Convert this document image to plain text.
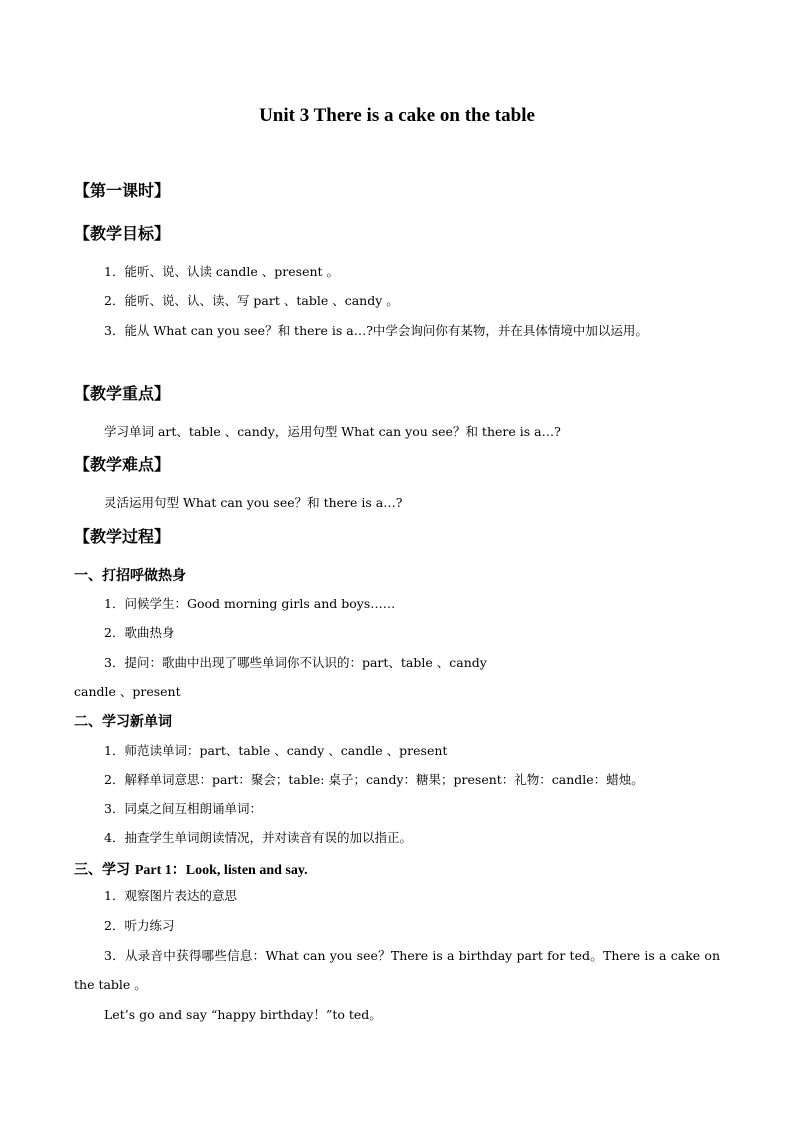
Unit 3 There is a cake on the table
【第一课时】
【教学目标】
1．能听、说、认读 candle 、present 。
2．能听、说、认、读、写 part 、table 、candy 。
3．能从 What can you see？和 there is a…?中学会询问你有某物，并在具体情境中加以运用。
【教学重点】
学习单词 art、table 、candy，运用句型 What can you see？和 there is a…?
【教学难点】
灵活运用句型 What can you see？和 there is a…?
【教学过程】
一、打招呼做热身
1．问候学生：Good morning girls and boys……
2．歌曲热身
3．提问：歌曲中出现了哪些单词你不认识的：part、table 、candy
candle 、present
二、学习新单词
1．师范读单词：part、table 、candy 、candle 、present
2．解释单词意思：part：聚会；table: 桌子；candy：糖果；present：礼物：candle：蜡烛。
3．同桌之间互相朗诵单词：
4．抽查学生单词朗读情况，并对读音有误的加以指正。
三、学习 Part 1：Look, listen and say.
1．观察图片表达的意思
2．听力练习
3．从录音中获得哪些信息：What can you see？There is a birthday part for ted。There is a cake on the table 。
Let’s go and say “happy birthday！”to ted。
